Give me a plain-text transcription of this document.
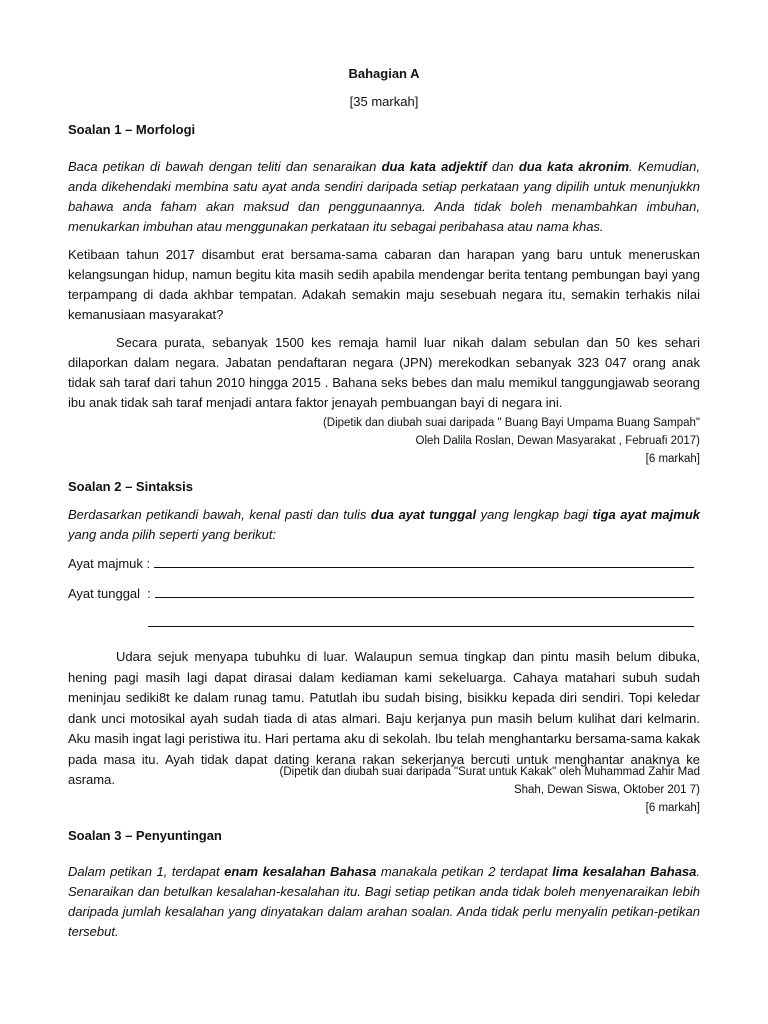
Bahagian A
[35 markah]
Soalan 1 – Morfologi
Baca petikan di bawah dengan teliti dan senaraikan dua kata adjektif dan dua kata akronim. Kemudian, anda dikehendaki membina satu ayat anda sendiri daripada setiap perkataan yang dipilih untuk menunjukkn bahawa anda faham akan maksud dan penggunaannya. Anda tidak boleh menambahkan imbuhan, menukarkan imbuhan atau menggunakan perkataan itu sebagai peribahasa atau nama khas.
Ketibaan tahun 2017 disambut erat bersama-sama cabaran dan harapan yang baru untuk meneruskan kelangsungan hidup, namun begitu kita masih sedih apabila mendengar berita tentang pembungan bayi yang terpampang di dada akhbar tempatan. Adakah semakin maju sesebuah negara itu, semakin terhakis nilai kemanusiaan masyarakat?
Secara purata, sebanyak 1500 kes remaja hamil luar nikah dalam sebulan dan 50 kes sehari dilaporkan dalam negara. Jabatan pendaftaran negara (JPN) merekodkan sebanyak 323 047 orang anak tidak sah taraf dari tahun 2010 hingga 2015 . Bahana seks bebes dan malu memikul tanggungjawab seorang ibu anak tidak sah taraf menjadi antara faktor jenayah pembuangan bayi di negara ini.
(Dipetik dan diubah suai daripada " Buang Bayi Umpama Buang Sampah"
Oleh Dalila Roslan, Dewan Masyarakat , Februafi 2017)
[6 markah]
Soalan 2 – Sintaksis
Berdasarkan petikandi bawah, kenal pasti dan tulis dua ayat tunggal yang lengkap bagi tiga ayat majmuk yang anda pilih seperti yang berikut:
Ayat majmuk :
Ayat tunggal  :
Udara sejuk menyapa tubuhku di luar. Walaupun semua tingkap dan pintu masih belum dibuka, hening pagi masih lagi dapat dirasai dalam kediaman kami sekeluarga. Cahaya matahari subuh sudah meninjau sediki8t ke dalam runag tamu. Patutlah ibu sudah bising, bisikku kepada diri sendiri. Topi keledar dank unci motosikal ayah sudah tiada di atas almari. Baju kerjanya pun masih belum kulihat dari kelmarin. Aku masih ingat lagi peristiwa itu. Hari pertama aku di sekolah. Ibu telah menghantarku bersama-sama kakak pada masa itu. Ayah tidak dapat dating kerana rakan sekerjanya bercuti untuk menghantar anaknya ke asrama.	(Dipetik dan diubah suai daripada "Surat untuk Kakak" oleh Muhammad Zahir Mad
Shah, Dewan Siswa, Oktober 201 7)
[6 markah]
Soalan 3 – Penyuntingan
Dalam petikan 1, terdapat enam kesalahan Bahasa manakala petikan 2 terdapat lima kesalahan Bahasa. Senaraikan dan betulkan kesalahan-kesalahan itu. Bagi setiap petikan anda tidak boleh menyenaraikan lebih daripada jumlah kesalahan yang dinyatakan dalam arahan soalan. Anda tidak perlu menyalin petikan-petikan tersebut.
